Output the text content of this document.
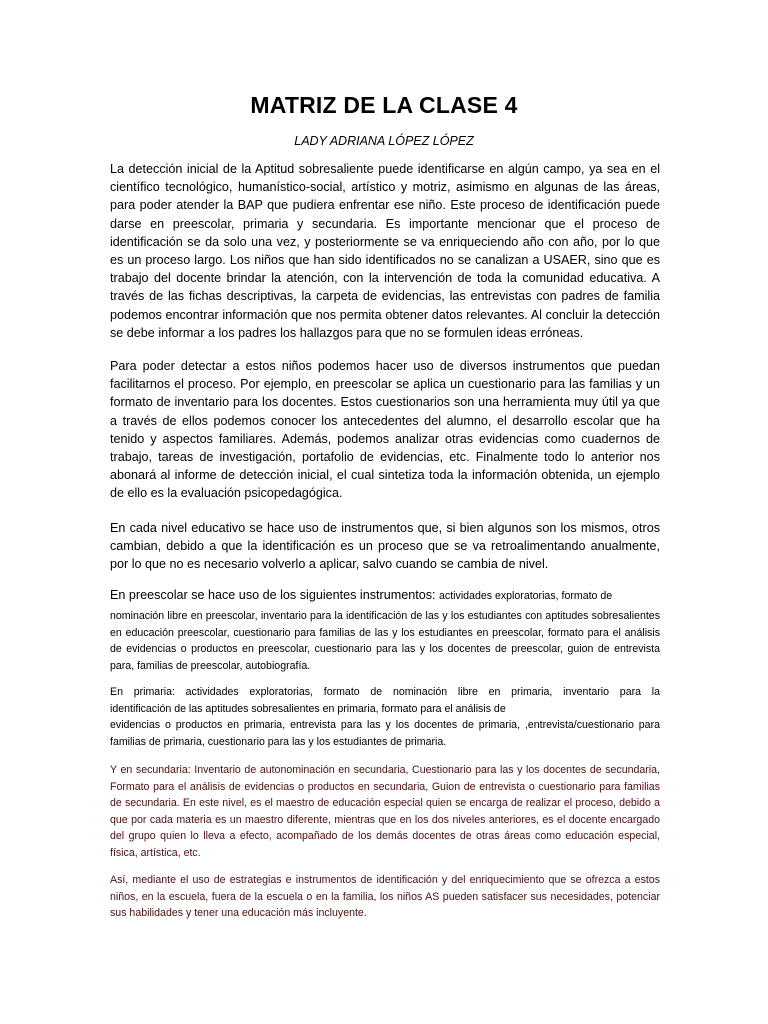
MATRIZ DE LA CLASE 4
LADY ADRIANA LÓPEZ LÓPEZ

La detección inicial de la Aptitud sobresaliente puede identificarse en algún campo, ya sea en el científico tecnológico, humanístico-social, artístico y motriz, asimismo en algunas de las áreas, para poder atender la BAP que pudiera enfrentar ese niño. Este proceso de identificación puede darse en preescolar, primaria y secundaria. Es importante mencionar que el proceso de identificación se da solo una vez, y posteriormente se va enriqueciendo año con año, por lo que es un proceso largo. Los niños que han sido identificados no se canalizan a USAER, sino que es trabajo del docente brindar la atención, con la intervención de toda la comunidad educativa. A través de las fichas descriptivas, la carpeta de evidencias, las entrevistas con padres de familia podemos encontrar información que nos permita obtener datos relevantes. Al concluir la detección se debe informar a los padres los hallazgos para que no se formulen ideas erróneas.

Para poder detectar a estos niños podemos hacer uso de diversos instrumentos que puedan facilitarnos el proceso. Por ejemplo, en preescolar se aplica un cuestionario para las familias y un formato de inventario para los docentes. Estos cuestionarios son una herramienta muy útil ya que a través de ellos podemos conocer los antecedentes del alumno, el desarrollo escolar que ha tenido y aspectos familiares. Además, podemos analizar otras evidencias como cuadernos de trabajo, tareas de investigación, portafolio de evidencias, etc. Finalmente todo lo anterior nos abonará al informe de detección inicial, el cual sintetiza toda la información obtenida, un ejemplo de ello es la evaluación psicopedagógica.

En cada nivel educativo se hace uso de instrumentos que, si bien algunos son los mismos, otros cambian, debido a que la identificación es un proceso que se va retroalimentando anualmente, por lo que no es necesario volverlo a aplicar, salvo cuando se cambia de nivel.

En preescolar se hace uso de los siguientes instrumentos: actividades exploratorias, formato de

nominación libre en preescolar, inventario para la identificación de las y los estudiantes con aptitudes sobresalientes en educación preescolar, cuestionario para familias de las y los estudiantes en preescolar, formato para el análisis de evidencias o productos en preescolar, cuestionario para las y los docentes de preescolar, guion de entrevista para, familias de preescolar, autobiografía.

En primaria: actividades exploratorias, formato de nominación libre en primaria, inventario para la
identificación de las aptitudes sobresalientes en primaria, formato para el análisis de
evidencias o productos en primaria, entrevista para las y los docentes de primaria, ,entrevista/cuestionario para familias de primaria, cuestionario para las y los estudiantes de primaria.

Y en secundaria: Inventario de autonominación en secundaria, Cuestionario para las y los docentes de secundaria, Formato para el análisis de evidencias o productos en secundaria, Guion de entrevista o cuestionario para familias de secundaria. En este nivel, es el maestro de educación especial quien se encarga de realizar el proceso, debido a que por cada materia es un maestro diferente, mientras que en los dos niveles anteriores, es el docente encargado del grupo quien lo lleva a efecto, acompañado de los demás docentes de otras áreas como educación especial, física, artística, etc.

Así, mediante el uso de estrategias e instrumentos de identificación y del enriquecimiento que se ofrezca a estos niños, en la escuela, fuera de la escuela o en la familia, los niños AS pueden satisfacer sus necesidades, potenciar sus habilidades y tener una educación más incluyente.
